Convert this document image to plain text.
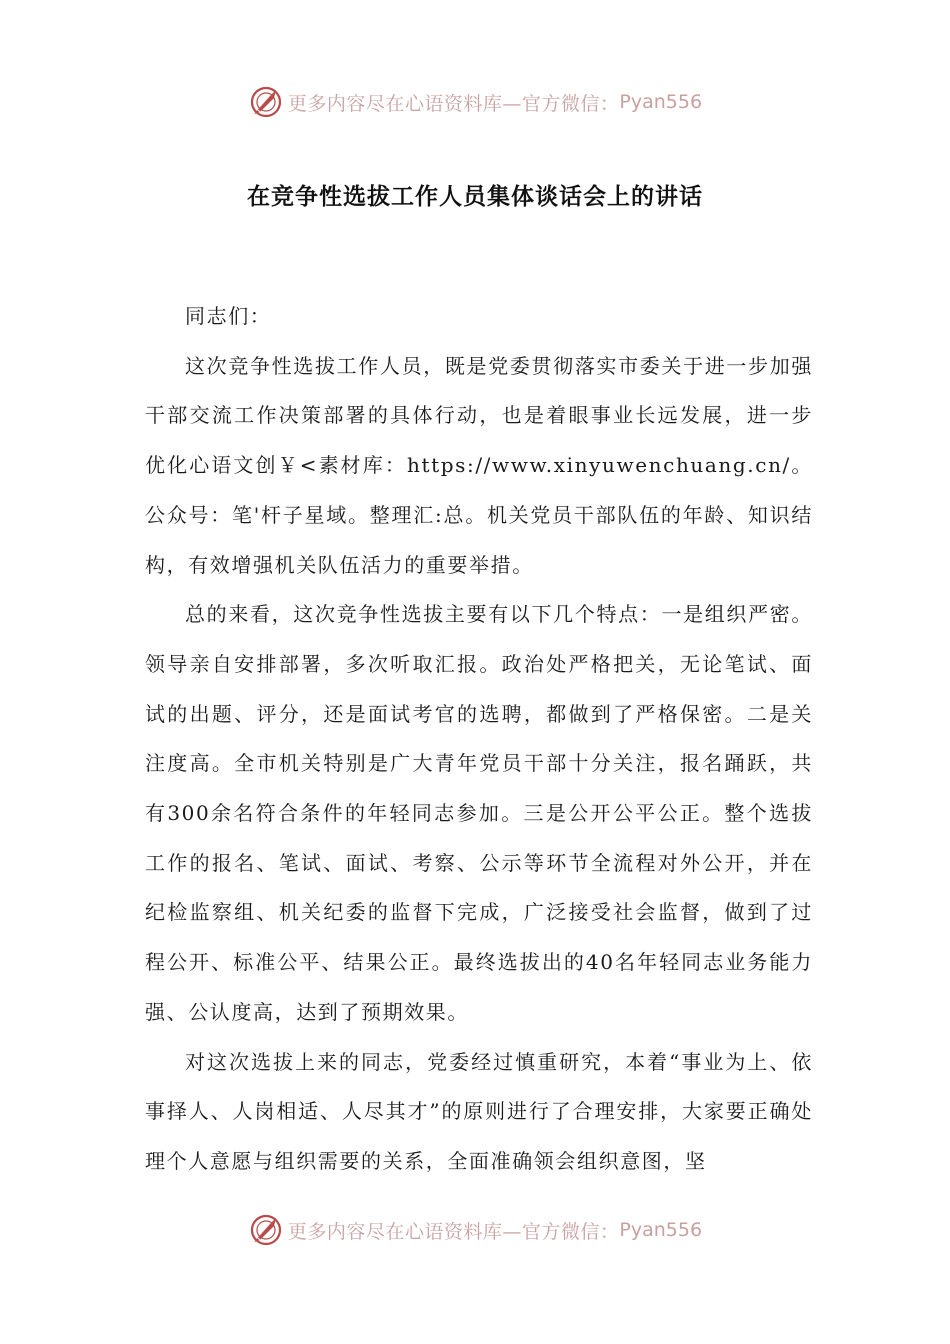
更多内容尽在心语资料库—官方微信： Pyan556
在竞争性选拔工作人员集体谈话会上的讲话

同志们：

这次竞争性选拔工作人员，既是党委贯彻落实市委关于进一步加强干部交流工作决策部署的具体行动，也是着眼事业长远发展，进一步优化心语文创￥<素材库：https://www.xinyuwenchuang.cn/。公众号：笔'杆子星域。整理汇:总。机关党员干部队伍的年龄、知识结构，有效增强机关队伍活力的重要举措。

总的来看，这次竞争性选拔主要有以下几个特点：一是组织严密。领导亲自安排部署，多次听取汇报。政治处严格把关，无论笔试、面试的出题、评分，还是面试考官的选聘，都做到了严格保密。二是关注度高。全市机关特别是广大青年党员干部十分关注，报名踊跃，共有300余名符合条件的年轻同志参加。三是公开公平公正。整个选拔工作的报名、笔试、面试、考察、公示等环节全流程对外公开，并在纪检监察组、机关纪委的监督下完成，广泛接受社会监督，做到了过程公开、标准公平、结果公正。最终选拔出的40名年轻同志业务能力强、公认度高，达到了预期效果。

对这次选拔上来的同志，党委经过慎重研究，本着“事业为上、依事择人、人岗相适、人尽其才”的原则进行了合理安排，大家要正确处理个人意愿与组织需要的关系，全面准确领会组织意图，坚

更多内容尽在心语资料库—官方微信： Pyan556
